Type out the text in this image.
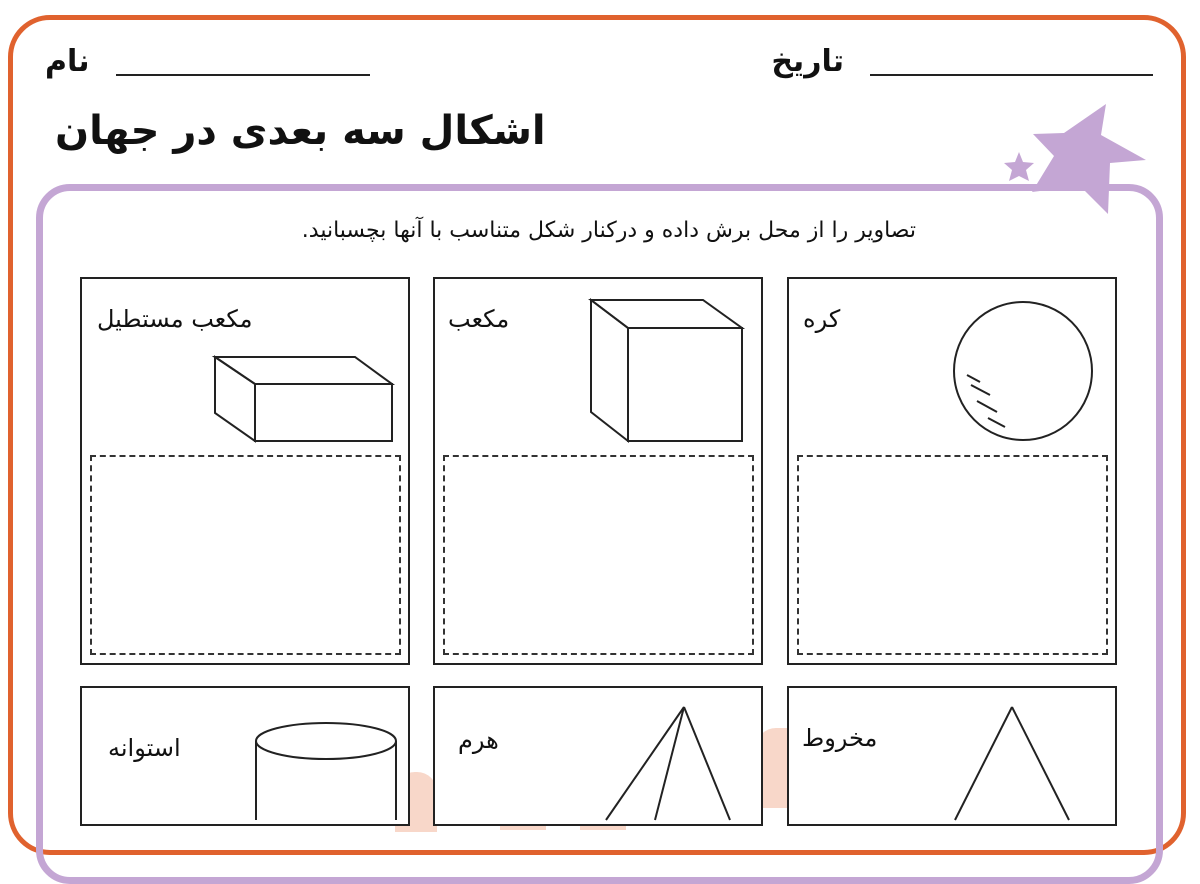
تاریخ
نام
اشکال سه بعدی در جهان
تصاویر را از محل برش داده و درکنار شکل متناسب با آنها بچسبانید.
مکعب مستطیل	مکعب	کره
استوانه	هرم	مخروط
